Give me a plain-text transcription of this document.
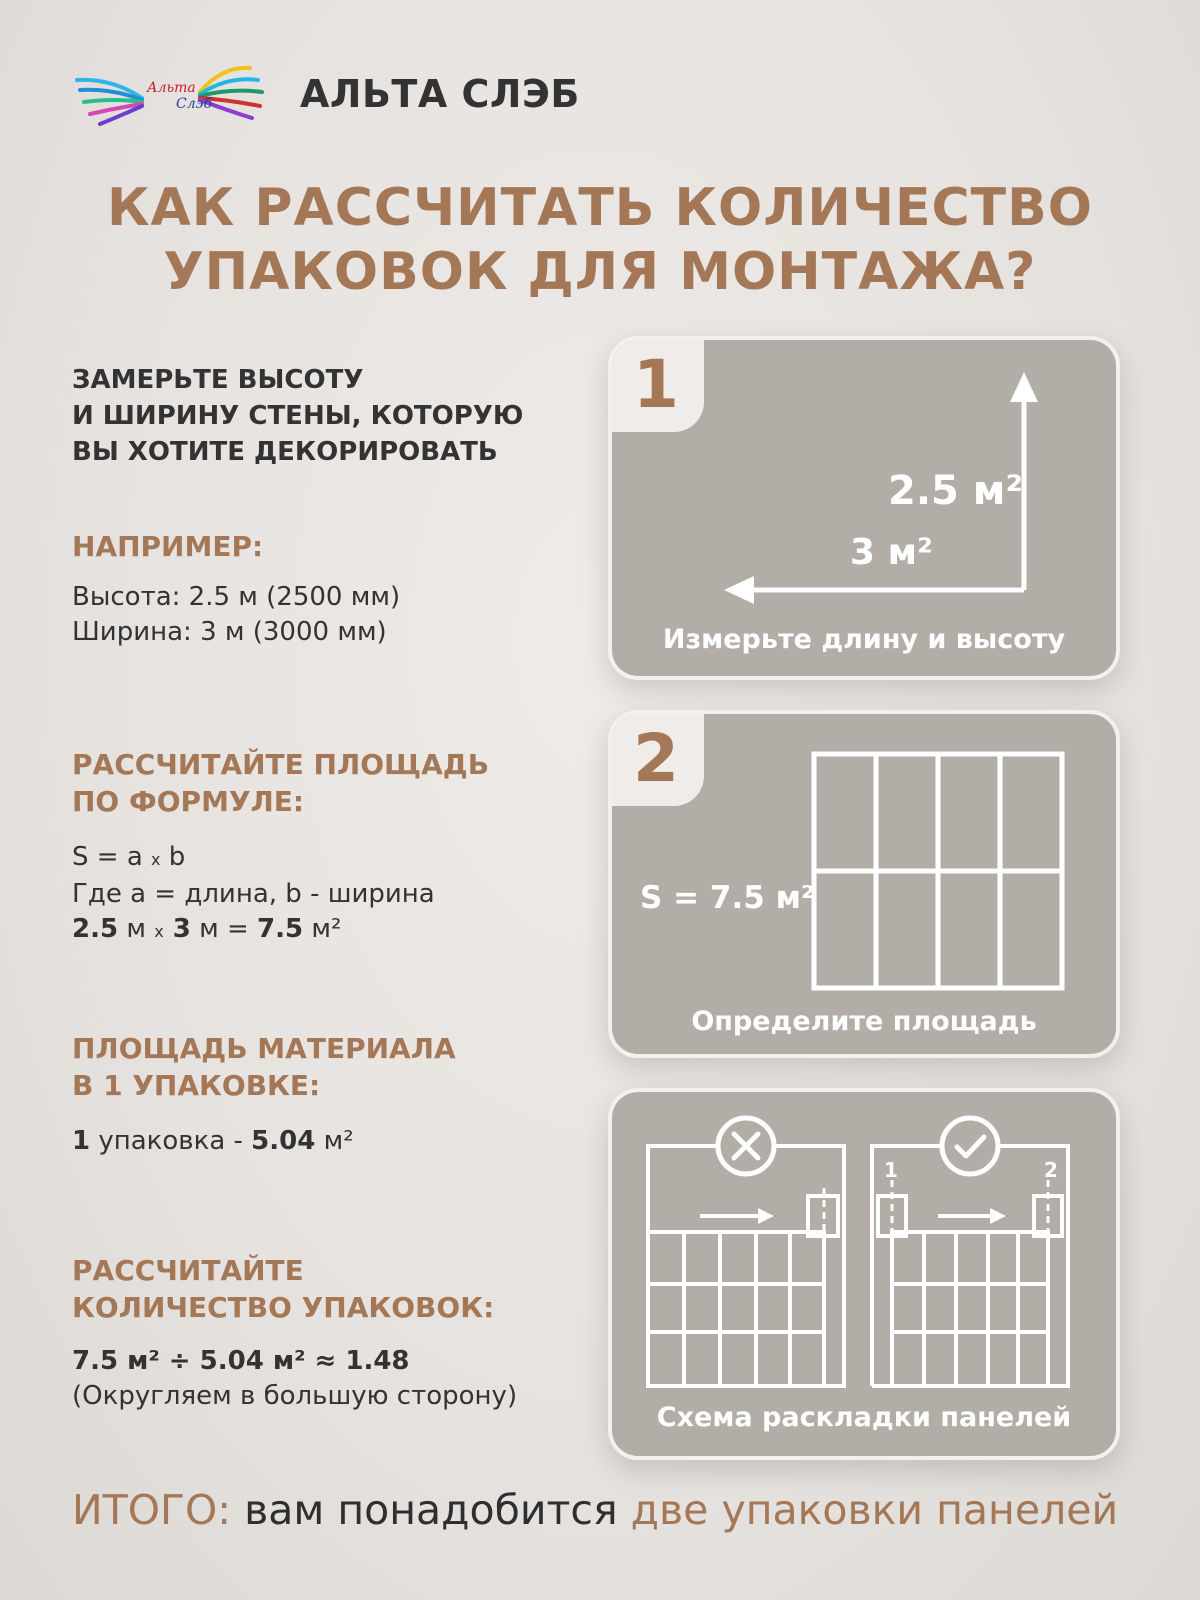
Альта
Слэб АЛЬТА СЛЭБ
КАК РАССЧИТАТЬ КОЛИЧЕСТВО
УПАКОВОК ДЛЯ МОНТАЖА?
ЗАМЕРЬТЕ ВЫСОТУ
И ШИРИНУ СТЕНЫ, КОТОРУЮ
ВЫ ХОТИТЕ ДЕКОРИРОВАТЬ
НАПРИМЕР:
Высота: 2.5 м (2500 мм)
Ширина: 3 м (3000 мм)
РАССЧИТАЙТЕ ПЛОЩАДЬ
ПО ФОРМУЛЕ:
S = a x b
Где a = длина, b - ширина
2.5 м x 3 м = 7.5 м²
ПЛОЩАДЬ МАТЕРИАЛА
В 1 УПАКОВКЕ:
1 упаковка - 5.04 м²
РАССЧИТАЙТЕ
КОЛИЧЕСТВО УПАКОВОК:
7.5 м² ÷ 5.04 м² ≈ 1.48
(Округляем в большую сторону)
1
2.5 м²
3 м²
Измерьте длину и высоту
2
S = 7.5 м²
Определите площадь
1	2
Схема раскладки панелей
ИТОГО: вам понадобится две упаковки панелей
